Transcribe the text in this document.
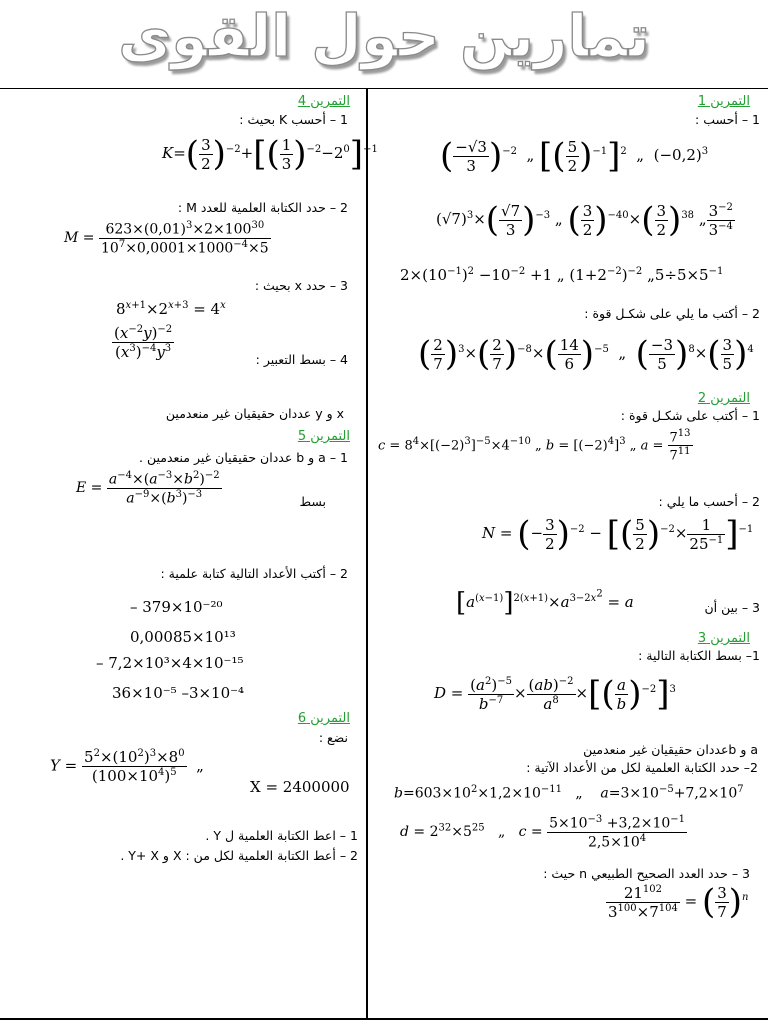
تمارين حول القوى
التمرين 1
1 – أحسب :
( $\frac{-√3}{3} )^{-2}$  „ [( $\frac{5}{2} )^{-1}]^2$  „  $(-0,2)^3$
$(√7)^3\times( \frac{√7}{3} )^{-3}$ „ ( $\frac{3}{2} )^{-40}\times( \frac{3}{2} )^{38}$ „ $\frac{3^{-2}}{3^{-4}}$
$2\times(10^{-1})^2 -10^{-2} +1$ „ $(1+2^{-2})^{-2}$ $„5\div 5\times 5^{-1}$
2 – أكتب ما يلي على شكـل قوة :
( $\frac{2}{7} )^3\times( \frac{2}{7} )^{-8}\times( \frac{14}{6} )^{-5}$  „  ( $\frac{-3}{5} )^8\times( \frac{3}{5} )^4$
التمرين 2
1 – أكتب على شكـل قوة :
$c = 8^4\times[(-2)^3]^{-5}\times 4^{-10}$ „ $b = [(-2)^4]^3$ „ $a = \frac{7^{13}}{7^{11}}$
2 – أحسب ما يلي :
N = (− $\frac{3}{2} )^{-2}$ − [( $\frac{5}{2} )^{-2}\times \frac{1}{25^{-1}} ]^{-1}$
3 – بين أن
$[a^{(x-1)}]^{2(x+1)}\times a^{3-2x^2} = a$
التمرين 3
1– بسط الكتابة التالية :
$D = \frac{(a^2)^{-5}}{b^{-7}} \times \frac{(ab)^{-2}}{a^8}$ ×[( $\frac{a}{b} )^{-2}]^3$
a و bعددان حقيقيان غير منعدمين
2– حدد الكتابة العلمية لكل من الأعداد الآتية :
$b=603\times 10^2\times 1,2\times 10^{-11}$   „    $a=3\times 10^{-5}+7,2\times 10^7$
$d = 2^{32}\times 5^{25}$   „   $c = \frac{5\times 10^{-3} +3,2\times 10^{-1}}{2,5\times 10^4}$
3 – حدد العدد الصحيح الطبيعي n حيث :
$\frac{21^{102}}{3^{100}\times 7^{104}}$ = ( $\frac{3}{7} )^n$
التمرين 4
1 – أحسب K بحيث :
$K=( \frac{3}{2} )^{-2}+[( \frac{1}{3} )^{-2}-2^0]^{-1}$
2 – حدد الكتابة العلمية للعدد M :
$M = \frac{623\times(0,01)^3\times 2\times 100^{30}}{10^7\times 0,0001\times 1000^{-4}\times 5}$
3 – حدد x بحيث :
$8^{x+1}\times 2^{x+3} = 4^x$
4 – بسط التعبير :
$\frac{(x^{-2}y)^{-2}}{(x^3)^{-4}y^3}$
x و y عددان حقيقيان غير منعدمين
التمرين 5
1 – a و b عددان حقيقيان غير منعدمين .
بسط
$E = \frac{a^{-4}\times(a^{-3}\times b^2)^{-2}}{a^{-9}\times(b^3)^{-3}}$
2 – أكتب الأعداد التالية كتابة علمية :
– 379×10⁻²⁰
0,00085×10¹³
– 7,2×10³×4×10⁻¹⁵
36×10⁻⁵ –3×10⁻⁴
التمرين 6
نضع :
$Y = \frac{5^2\times(10^2)^3\times 8^0}{(100\times 10^4)^5}$ „
X = 2400000
1 – اعط الكتابة العلمية ل Y .
2 – أعط الكتابة العلمية لكل من : X و Y+ X .
